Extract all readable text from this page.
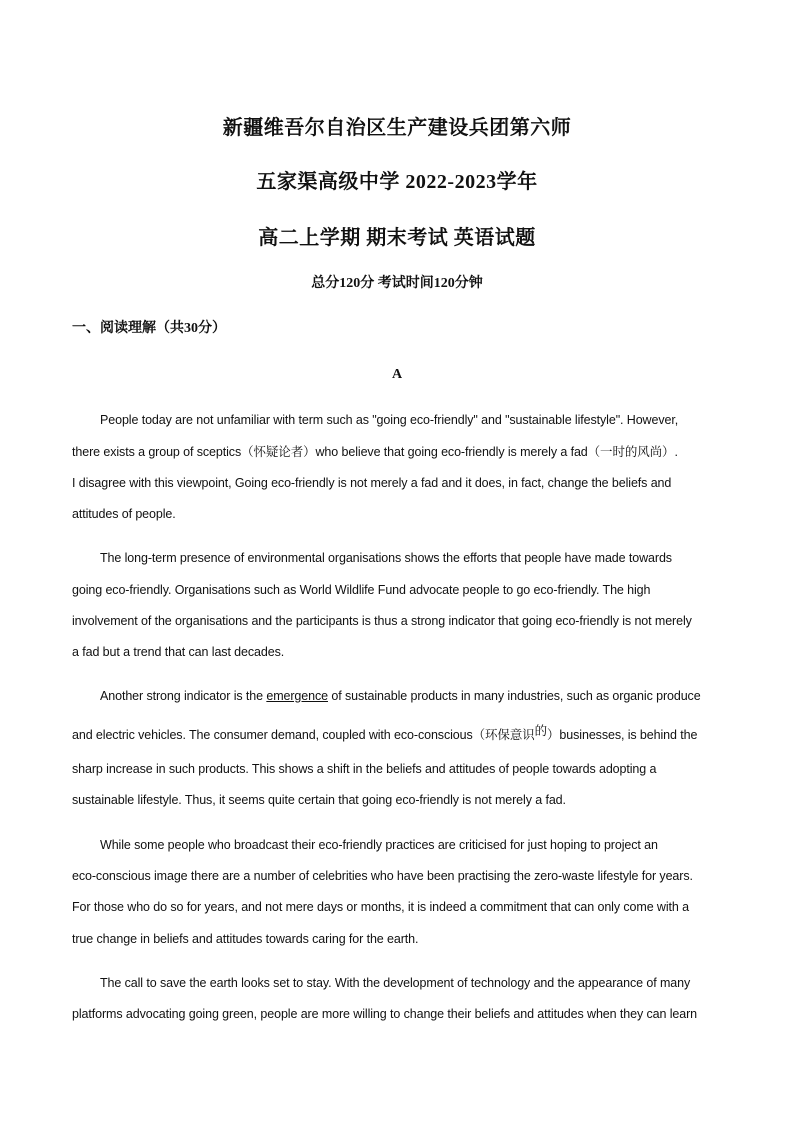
新疆维吾尔自治区生产建设兵团第六师
五家渠高级中学 2022-2023学年
高二上学期 期末考试 英语试题
总分120分 考试时间120分钟
一、阅读理解（共30分）
A
People today are not unfamiliar with term such as "going eco-friendly" and "sustainable lifestyle". However,
there exists a group of sceptics（怀疑论者）who believe that going eco-friendly is merely a fad（一时的风尚）.
I disagree with this viewpoint, Going eco-friendly is not merely a fad and it does, in fact, change the beliefs and
attitudes of people.
The long-term presence of environmental organisations shows the efforts that people have made towards
going eco-friendly. Organisations such as World Wildlife Fund advocate people to go eco-friendly. The high
involvement of the organisations and the participants is thus a strong indicator that going eco-friendly is not merely
a fad but a trend that can last decades.
Another strong indicator is the emergence of sustainable products in many industries, such as organic produce
and electric vehicles. The consumer demand, coupled with eco-conscious（环保意识的）businesses, is behind the
sharp increase in such products. This shows a shift in the beliefs and attitudes of people towards adopting a
sustainable lifestyle. Thus, it seems quite certain that going eco-friendly is not merely a fad.
While some people who broadcast their eco-friendly practices are criticised for just hoping to project an
eco-conscious image there are a number of celebrities who have been practising the zero-waste lifestyle for years.
For those who do so for years, and not mere days or months, it is indeed a commitment that can only come with a
true change in beliefs and attitudes towards caring for the earth.
The call to save the earth looks set to stay. With the development of technology and the appearance of many
platforms advocating going green, people are more willing to change their beliefs and attitudes when they can learn
